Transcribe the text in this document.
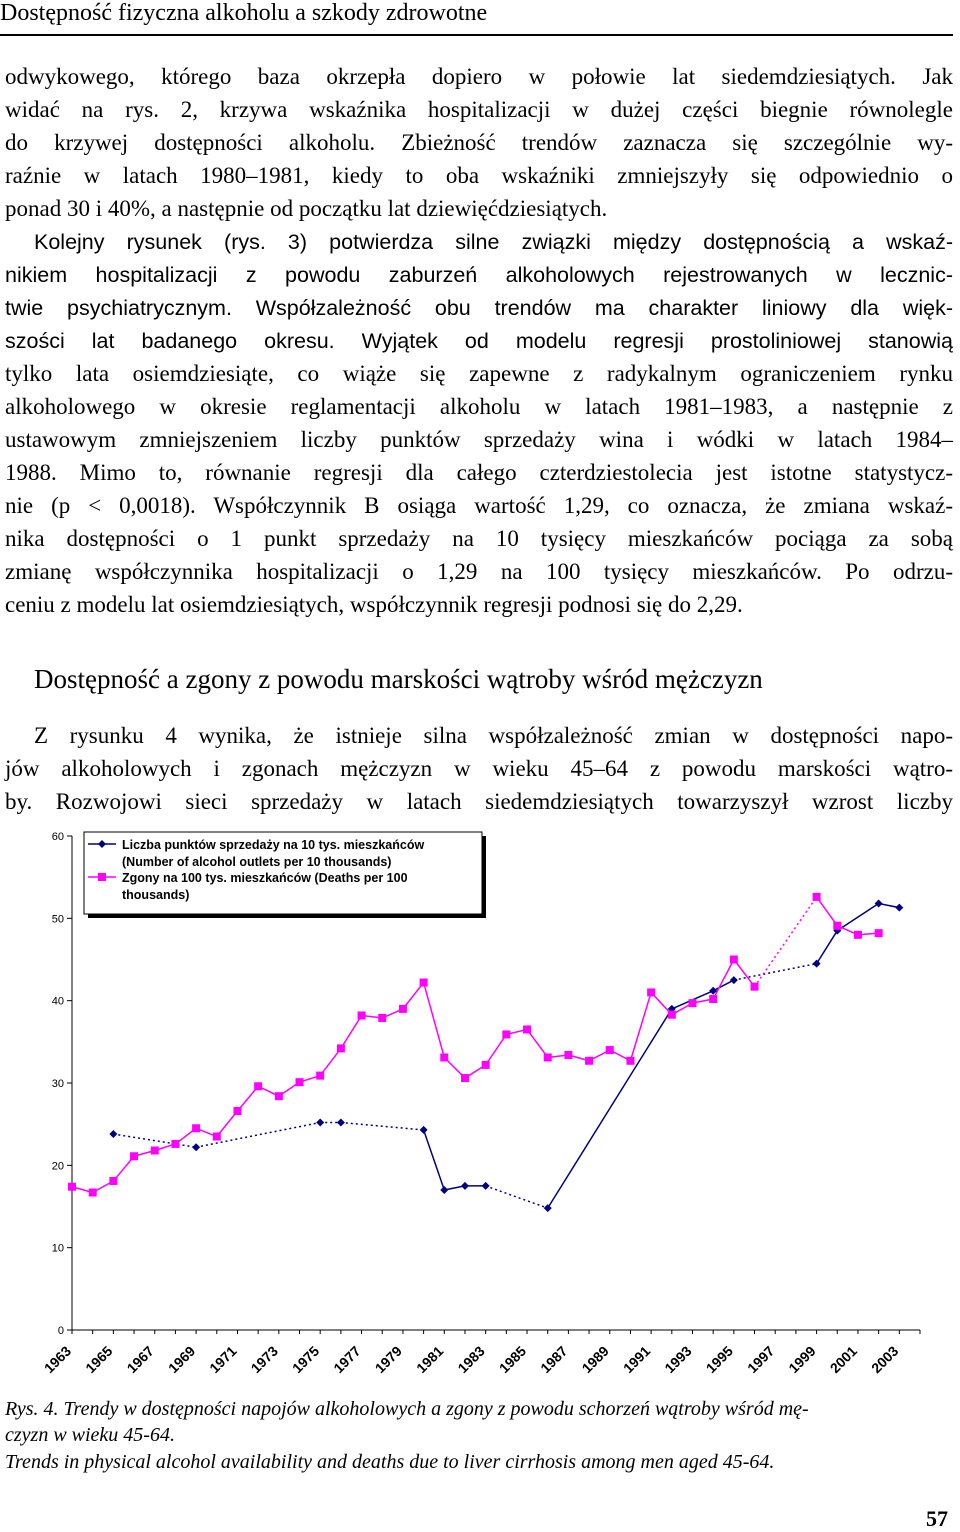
Dostępność fizyczna alkoholu a szkody zdrowotne
odwykowego, którego baza okrzepła dopiero w połowie lat siedemdziesiątych. Jak
widać na rys. 2, krzywa wskaźnika hospitalizacji w dużej części biegnie równolegle
do krzywej dostępności alkoholu. Zbieżność trendów zaznacza się szczególnie wy-
raźnie w latach 1980–1981, kiedy to oba wskaźniki zmniejszyły się odpowiednio o
ponad 30 i 40%, a następnie od początku lat dziewięćdziesiątych.
Kolejny rysunek (rys. 3) potwierdza silne związki między dostępnością a wskaź-
nikiem hospitalizacji z powodu zaburzeń alkoholowych rejestrowanych w lecznic-
twie psychiatrycznym. Współzależność obu trendów ma charakter liniowy dla więk-
szości lat badanego okresu. Wyjątek od modelu regresji prostoliniowej stanowią
tylko lata osiemdziesiąte, co wiąże się zapewne z radykalnym ograniczeniem rynku
alkoholowego w okresie reglamentacji alkoholu w latach 1981–1983, a następnie z
ustawowym zmniejszeniem liczby punktów sprzedaży wina i wódki w latach 1984–
1988. Mimo to, równanie regresji dla całego czterdziestolecia jest istotne statystycz-
nie (p < 0,0018). Współczynnik B osiąga wartość 1,29, co oznacza, że zmiana wskaź-
nika dostępności o 1 punkt sprzedaży na 10 tysięcy mieszkańców pociąga za sobą
zmianę współczynnika hospitalizacji o 1,29 na 100 tysięcy mieszkańców. Po odrzu-
ceniu z modelu lat osiemdziesiątych, współczynnik regresji podnosi się do 2,29.
Dostępność a zgony z powodu marskości wątroby wśród mężczyzn
Z rysunku 4 wynika, że istnieje silna współzależność zmian w dostępności napo-
jów alkoholowych i zgonach mężczyzn w wieku 45–64 z powodu marskości wątro-
by. Rozwojowi sieci sprzedaży w latach siedemdziesiątych towarzyszył wzrost liczby
0
10
20
30
40
50
60
1963 1965 1967 1969 1971 1973 1975 1977 1979 1981 1983 1985 1987 1989 1991 1993 1995 1997 1999 2001 2003
Liczba punktów sprzedaży na 10 tys. mieszkańców
(Number of alcohol outlets per 10 thousands)
Zgony na 100 tys. mieszkańców (Deaths per 100
thousands)
Rys. 4. Trendy w dostępności napojów alkoholowych a zgony z powodu schorzeń wątroby wśród mę-
czyzn w wieku 45-64.
Trends in physical alcohol availability and deaths due to liver cirrhosis among men aged 45-64.
57
